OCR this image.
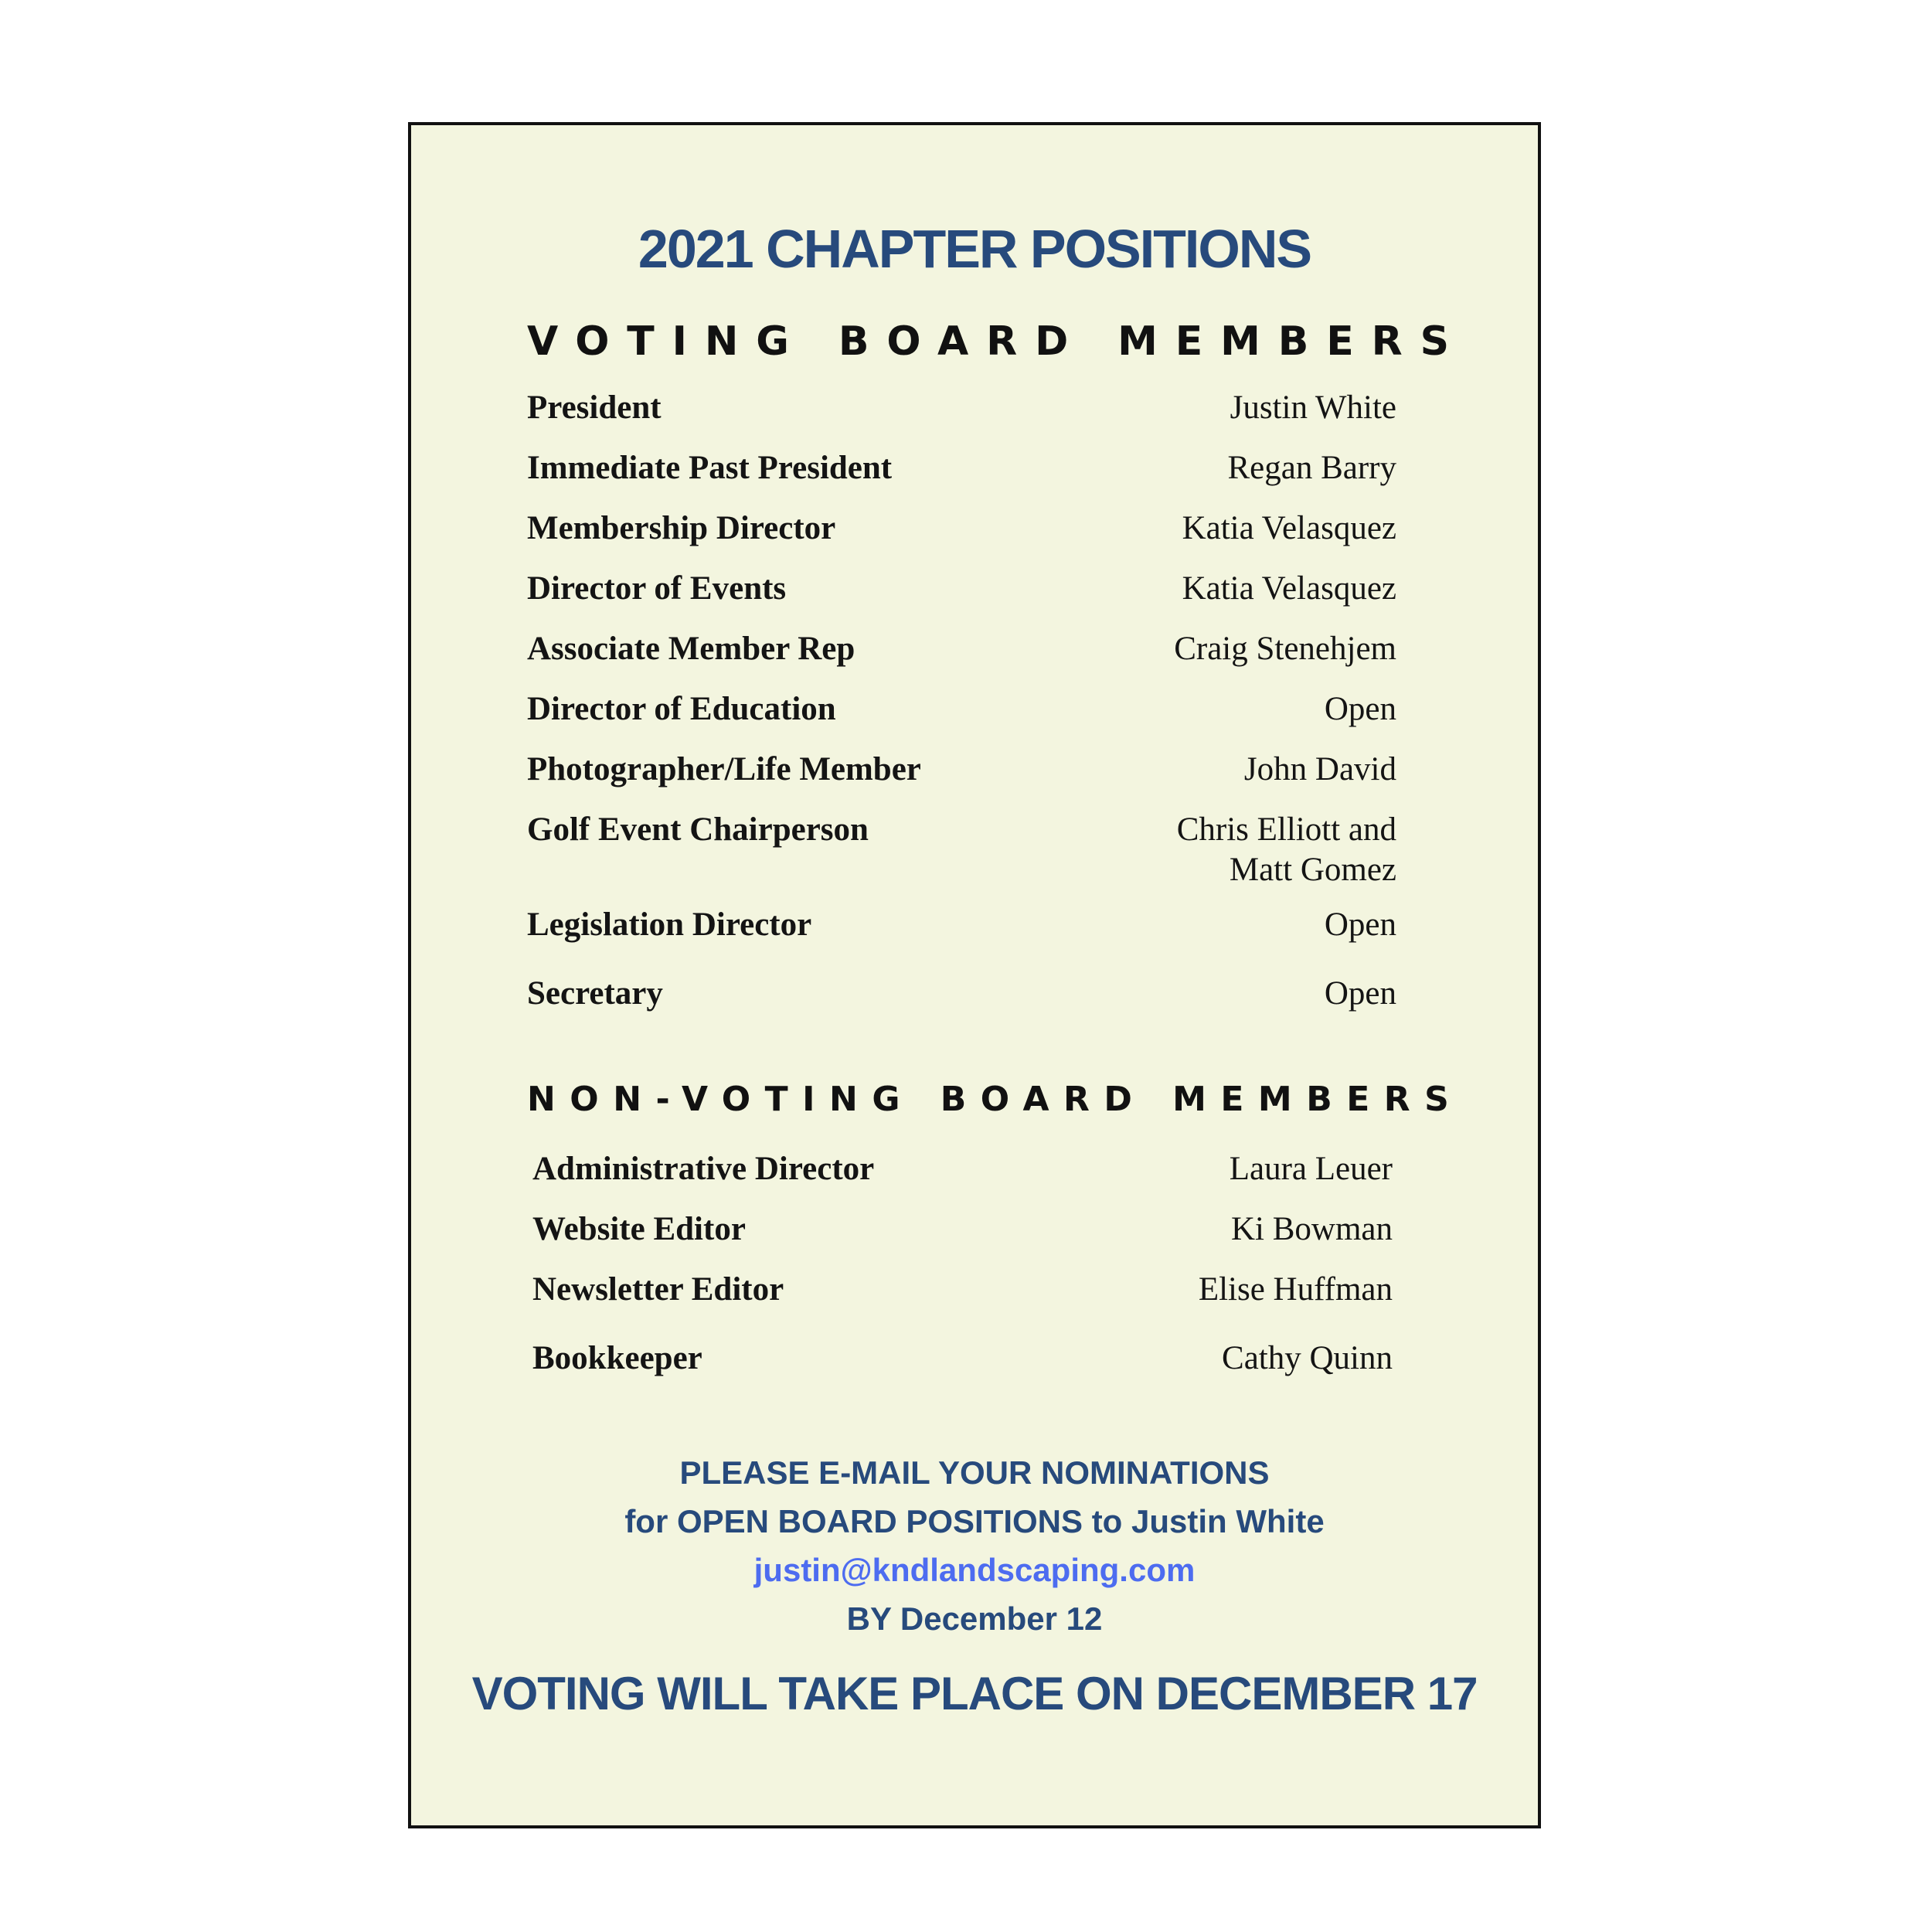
2021 CHAPTER POSITIONS
VOTING BOARD MEMBERS
President	Justin White
Immediate Past President	Regan Barry
Membership Director	Katia Velasquez
Director of Events	Katia Velasquez
Associate Member Rep	Craig Stenehjem
Director of Education	Open
Photographer/Life Member	John David
Golf Event Chairperson	Chris Elliott and
Matt Gomez
Legislation Director	Open
Secretary	Open
NON-VOTING BOARD MEMBERS
Administrative Director	Laura Leuer
Website Editor	Ki Bowman
Newsletter Editor	Elise Huffman
Bookkeeper	Cathy Quinn

PLEASE E-MAIL YOUR NOMINATIONS

for OPEN BOARD POSITIONS to Justin White

justin@kndlandscaping.com

BY December 12

VOTING WILL TAKE PLACE ON DECEMBER 17
